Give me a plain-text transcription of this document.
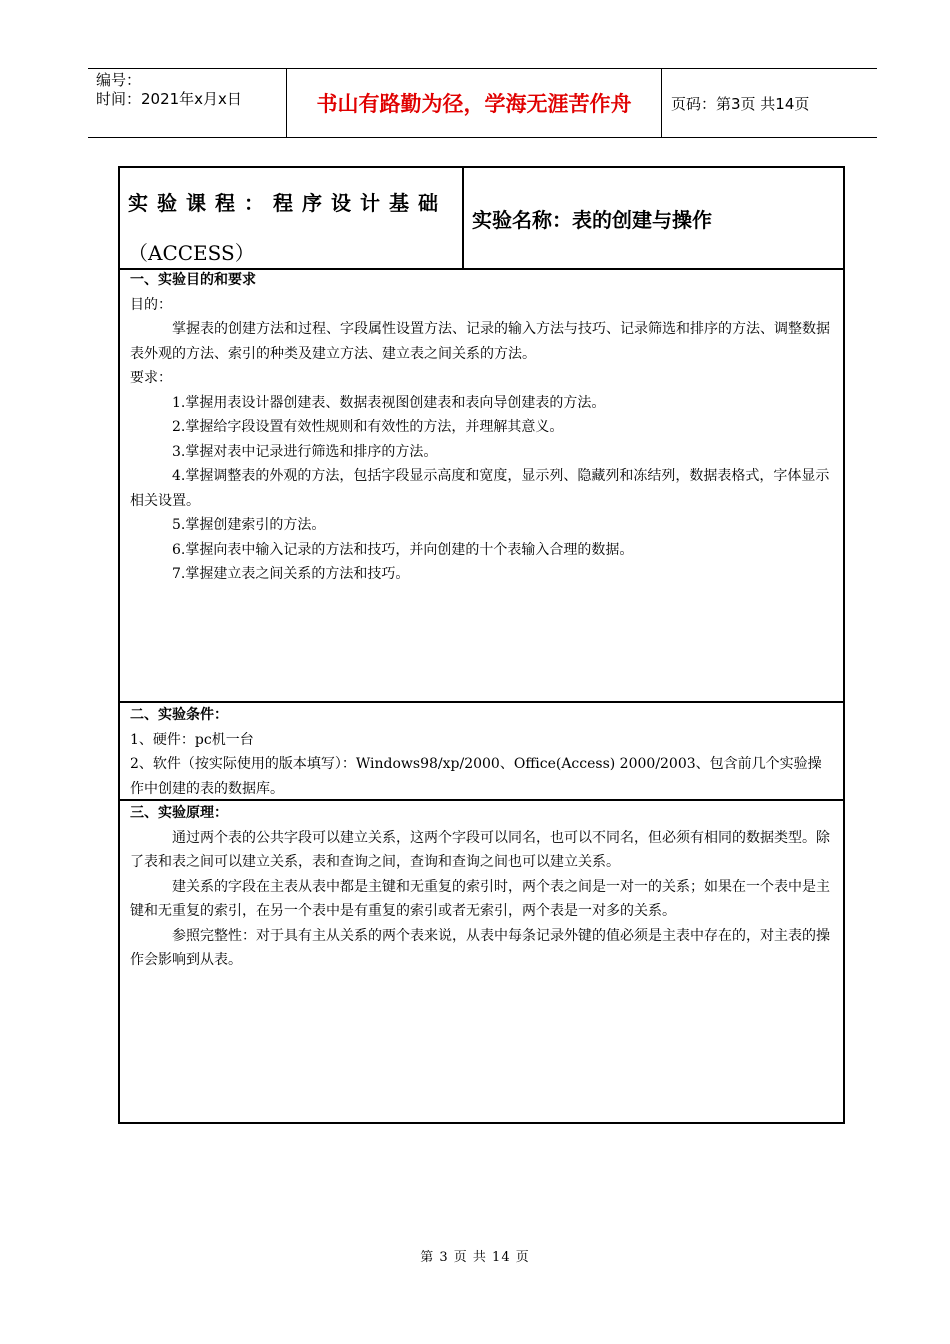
编号：
时间：2021年x月x日	书山有路勤为径，学海无涯苦作舟	页码：第3页 共14页
实验课程：程序设计基础
（ACCESS）
实验名称：表的创建与操作
一、实验目的和要求

目的：

掌握表的创建方法和过程、字段属性设置方法、记录的输入方法与技巧、记录筛选和排序的方法、调整数据表外观的方法、索引的种类及建立方法、建立表之间关系的方法。

要求：

1.掌握用表设计器创建表、数据表视图创建表和表向导创建表的方法。

2.掌握给字段设置有效性规则和有效性的方法，并理解其意义。

3.掌握对表中记录进行筛选和排序的方法。

4.掌握调整表的外观的方法，包括字段显示高度和宽度，显示列、隐藏列和冻结列，数据表格式，字体显示相关设置。

5.掌握创建索引的方法。

6.掌握向表中输入记录的方法和技巧，并向创建的十个表输入合理的数据。

7.掌握建立表之间关系的方法和技巧。

二、实验条件：

1、硬件：pc机一台

2、软件（按实际使用的版本填写）：Windows98/xp/2000、Office(Access) 2000/2003、包含前几个实验操作中创建的表的数据库。

三、实验原理：

通过两个表的公共字段可以建立关系，这两个字段可以同名，也可以不同名，但必须有相同的数据类型。除了表和表之间可以建立关系，表和查询之间，查询和查询之间也可以建立关系。

建关系的字段在主表从表中都是主键和无重复的索引时，两个表之间是一对一的关系；如果在一个表中是主键和无重复的索引，在另一个表中是有重复的索引或者无索引，两个表是一对多的关系。

参照完整性：对于具有主从关系的两个表来说，从表中每条记录外键的值必须是主表中存在的，对主表的操作会影响到从表。

第 3 页 共 14 页
